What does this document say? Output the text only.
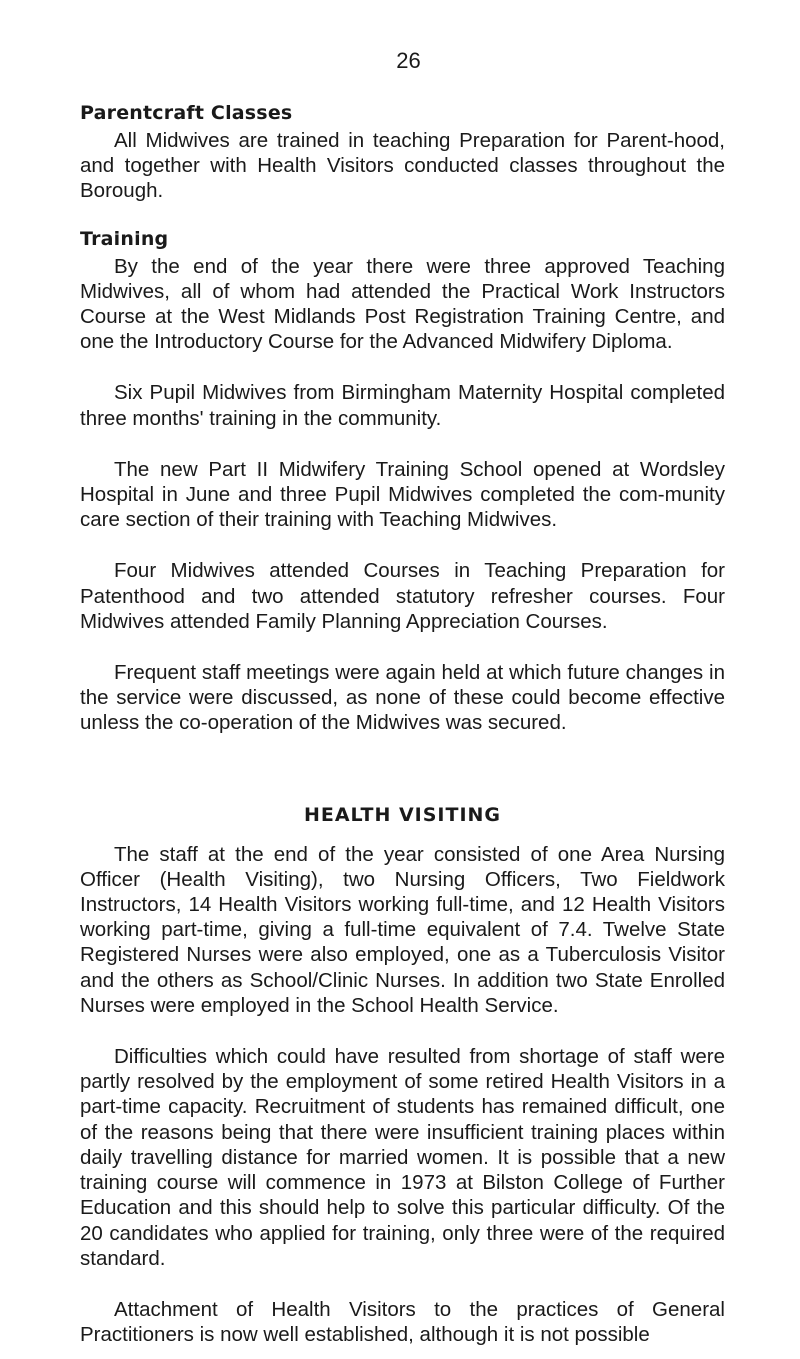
26
Parentcraft Classes

All Midwives are trained in teaching Preparation for Parent-hood, and together with Health Visitors conducted classes throughout the Borough.

Training

By the end of the year there were three approved Teaching Midwives, all of whom had attended the Practical Work Instructors Course at the West Midlands Post Registration Training Centre, and one the Introductory Course for the Advanced Midwifery Diploma.

Six Pupil Midwives from Birmingham Maternity Hospital completed three months' training in the community.

The new Part II Midwifery Training School opened at Wordsley Hospital in June and three Pupil Midwives completed the com-munity care section of their training with Teaching Midwives.

Four Midwives attended Courses in Teaching Preparation for Patenthood and two attended statutory refresher courses. Four Midwives attended Family Planning Appreciation Courses.

Frequent staff meetings were again held at which future changes in the service were discussed, as none of these could become effective unless the co-operation of the Midwives was secured.

HEALTH VISITING

The staff at the end of the year consisted of one Area Nursing Officer (Health Visiting), two Nursing Officers, Two Fieldwork Instructors, 14 Health Visitors working full-time, and 12 Health Visitors working part-time, giving a full-time equivalent of 7.4. Twelve State Registered Nurses were also employed, one as a Tuberculosis Visitor and the others as School/Clinic Nurses. In addition two State Enrolled Nurses were employed in the School Health Service.

Difficulties which could have resulted from shortage of staff were partly resolved by the employment of some retired Health Visitors in a part-time capacity. Recruitment of students has remained difficult, one of the reasons being that there were insufficient training places within daily travelling distance for married women. It is possible that a new training course will commence in 1973 at Bilston College of Further Education and this should help to solve this particular difficulty. Of the 20 candidates who applied for training, only three were of the required standard.

Attachment of Health Visitors to the practices of General Practitioners is now well established, although it is not possible
